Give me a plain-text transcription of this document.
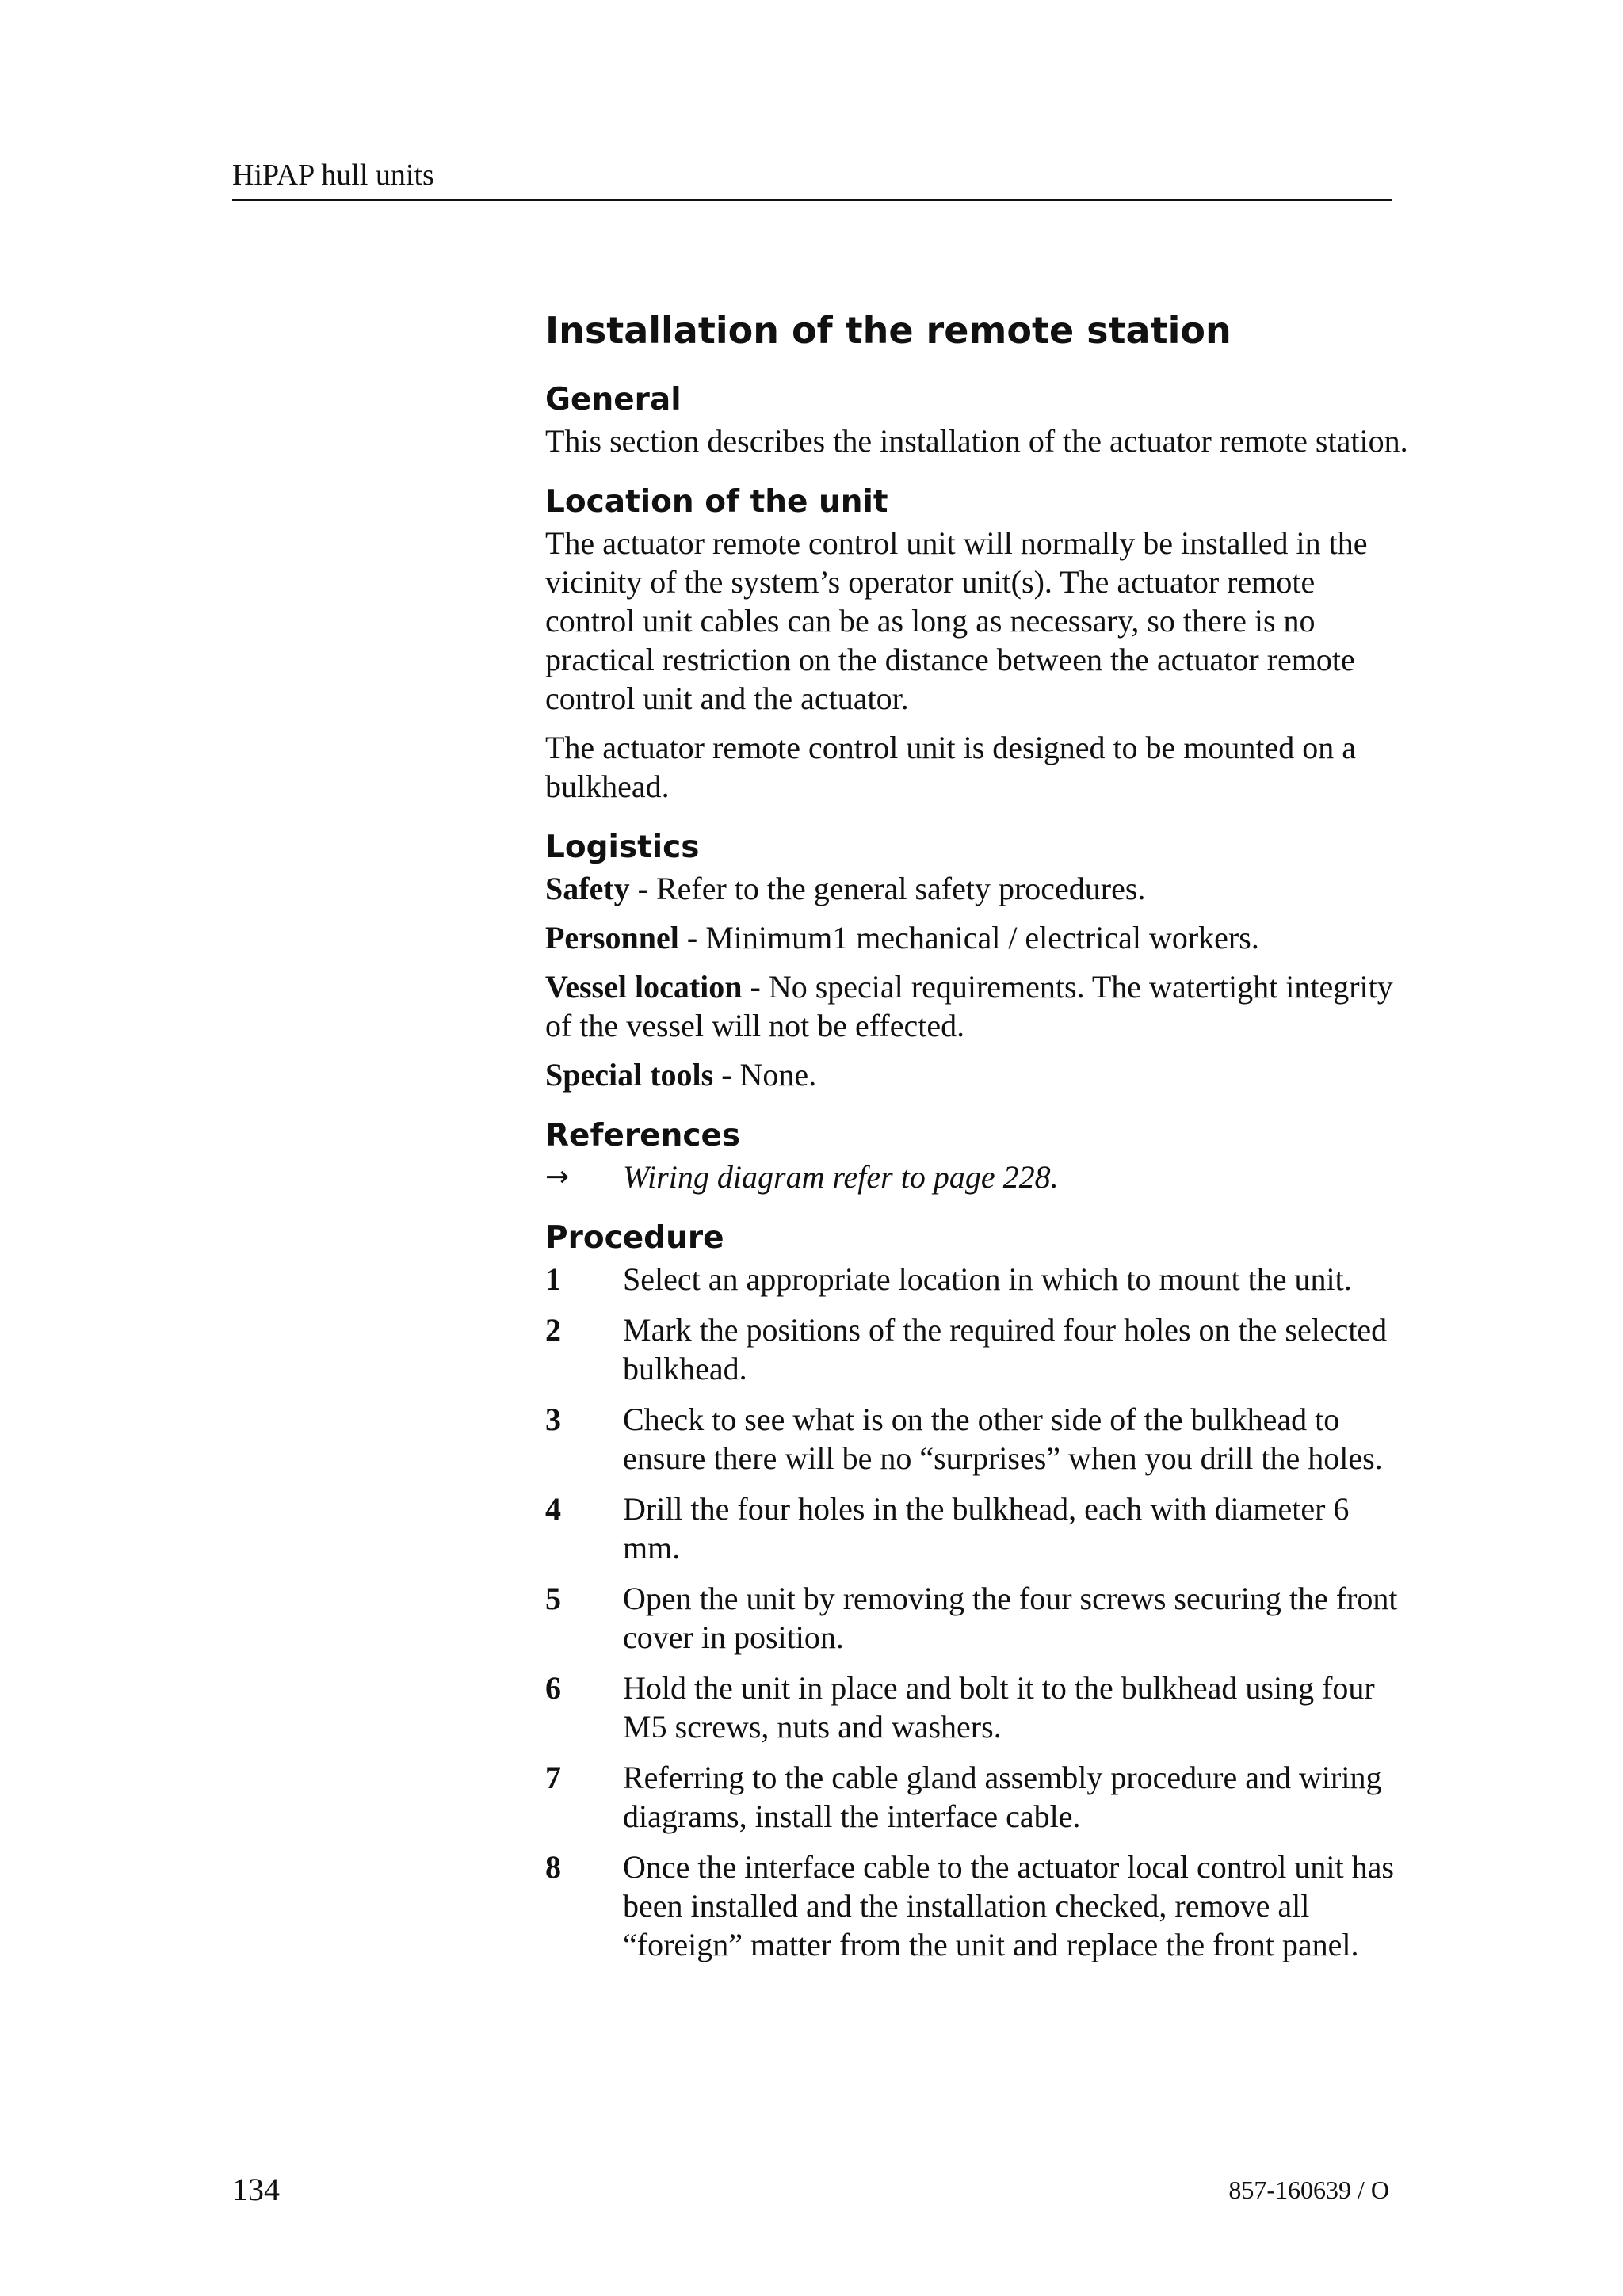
HiPAP hull units
Installation of the remote station
General

This section describes the installation of the actuator remote station.

Location of the unit

The actuator remote control unit will normally be installed in the vicinity of the system’s operator unit(s). The actuator remote control unit cables can be as long as necessary, so there is no practical restriction on the distance between the actuator remote control unit and the actuator.

The actuator remote control unit is designed to be mounted on a bulkhead.

Logistics

Safety - Refer to the general safety procedures.

Personnel - Minimum1 mechanical / electrical workers.

Vessel location - No special requirements. The watertight integrity of the vessel will not be effected.

Special tools - None.

References
→ Wiring diagram refer to page 228.
Procedure
1 Select an appropriate location in which to mount the unit.
2 Mark the positions of the required four holes on the selected bulkhead.
3 Check to see what is on the other side of the bulkhead to ensure there will be no “surprises” when you drill the holes.
4 Drill the four holes in the bulkhead, each with diameter 6 mm.
5 Open the unit by removing the four screws securing the front cover in position.
6 Hold the unit in place and bolt it to the bulkhead using four M5 screws, nuts and washers.
7 Referring to the cable gland assembly procedure and wiring diagrams, install the interface cable.
8 Once the interface cable to the actuator local control unit has been installed and the installation checked, remove all “foreign” matter from the unit and replace the front panel.
134	857-160639 / O
